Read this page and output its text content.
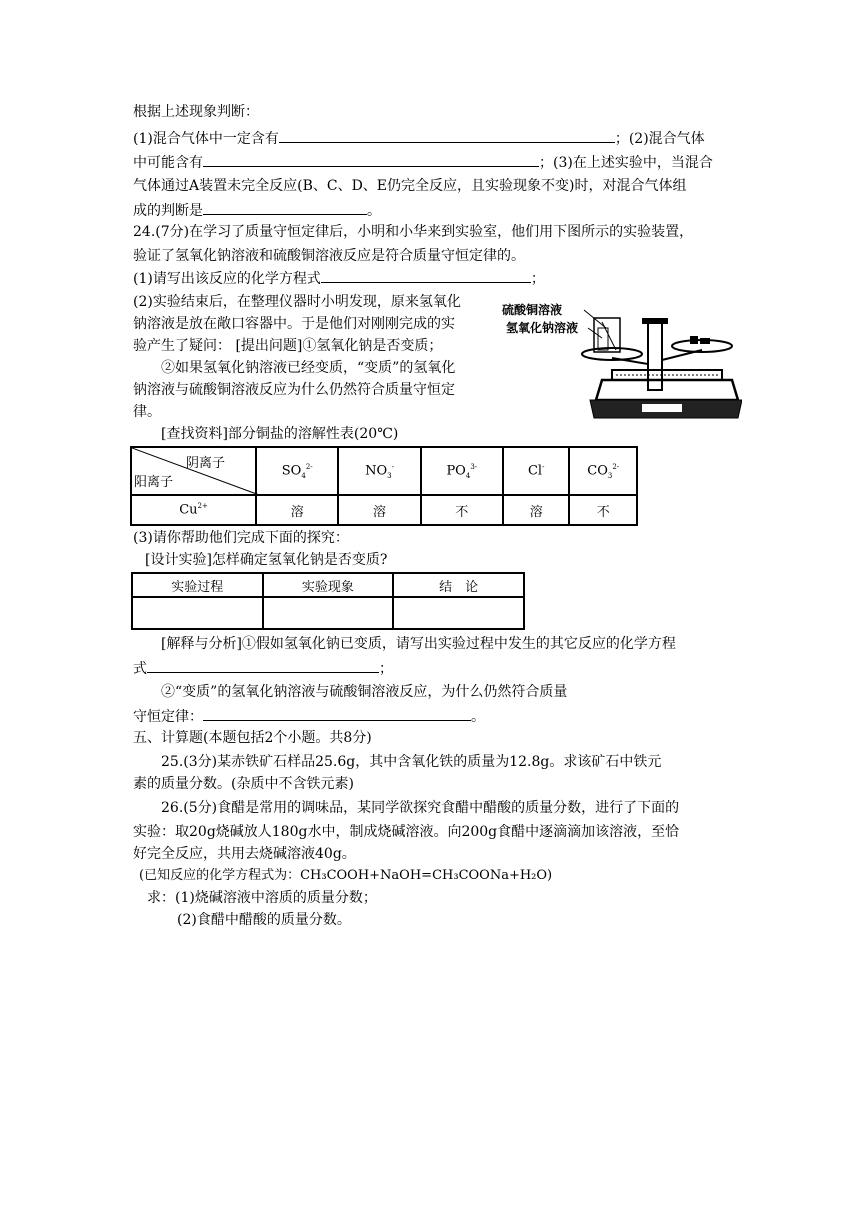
根据上述现象判断：
(1)混合气体中一定含有	；(2)混合气体
中可能含有	；(3)在上述实验中，当混合
气体通过A装置未完全反应(B、C、D、E仍完全反应，且实验现象不变)时，对混合气体组
成的判断是	。
24.(7分)在学习了质量守恒定律后，小明和小华来到实验室，他们用下图所示的实验装置，
验证了氢氧化钠溶液和硫酸铜溶液反应是符合质量守恒定律的。
(1)请写出该反应的化学方程式	；
(2)实验结束后，在整理仪器时小明发现，原来氢氧化
钠溶液是放在敞口容器中。于是他们对刚刚完成的实
验产生了疑问： [提出问题]①氢氧化钠是否变质；
②如果氢氧化钠溶液已经变质，“变质”的氢氧化
钠溶液与硫酸铜溶液反应为什么仍然符合质量守恒定
律。
硫酸铜溶液
氢氧化钠溶液
[查找资料]部分铜盐的溶解性表(20℃)
阴离子
阳离子	$SO_4^{2-}$	$NO_3^-$	$PO_4^{3-}$	Cl-	$CO_3^{2-}$
$Cu^{2+}$	溶	溶	不	溶	不
(3)请你帮助他们完成下面的探究：
[设计实验]怎样确定氢氧化钠是否变质?
实验过程	实验现象	结　论

[解释与分析]①假如氢氧化钠已变质，请写出实验过程中发生的其它反应的化学方程
式	；
②“变质”的氢氧化钠溶液与硫酸铜溶液反应，为什么仍然符合质量
守恒定律：	。
五、计算题(本题包括2个小题。共8分)
25.(3分)某赤铁矿石样品25.6g，其中含氧化铁的质量为12.8g。求该矿石中铁元
素的质量分数。(杂质中不含铁元素)
26.(5分)食醋是常用的调味品，某同学欲探究食醋中醋酸的质量分数，进行了下面的
实验：取20g烧碱放人180g水中，制成烧碱溶液。向200g食醋中逐滴滴加该溶液，至恰
好完全反应，共用去烧碱溶液40g。
(已知反应的化学方程式为：CH₃COOH+NaOH=CH₃COONa+H₂O)
求：(1)烧碱溶液中溶质的质量分数；
(2)食醋中醋酸的质量分数。
